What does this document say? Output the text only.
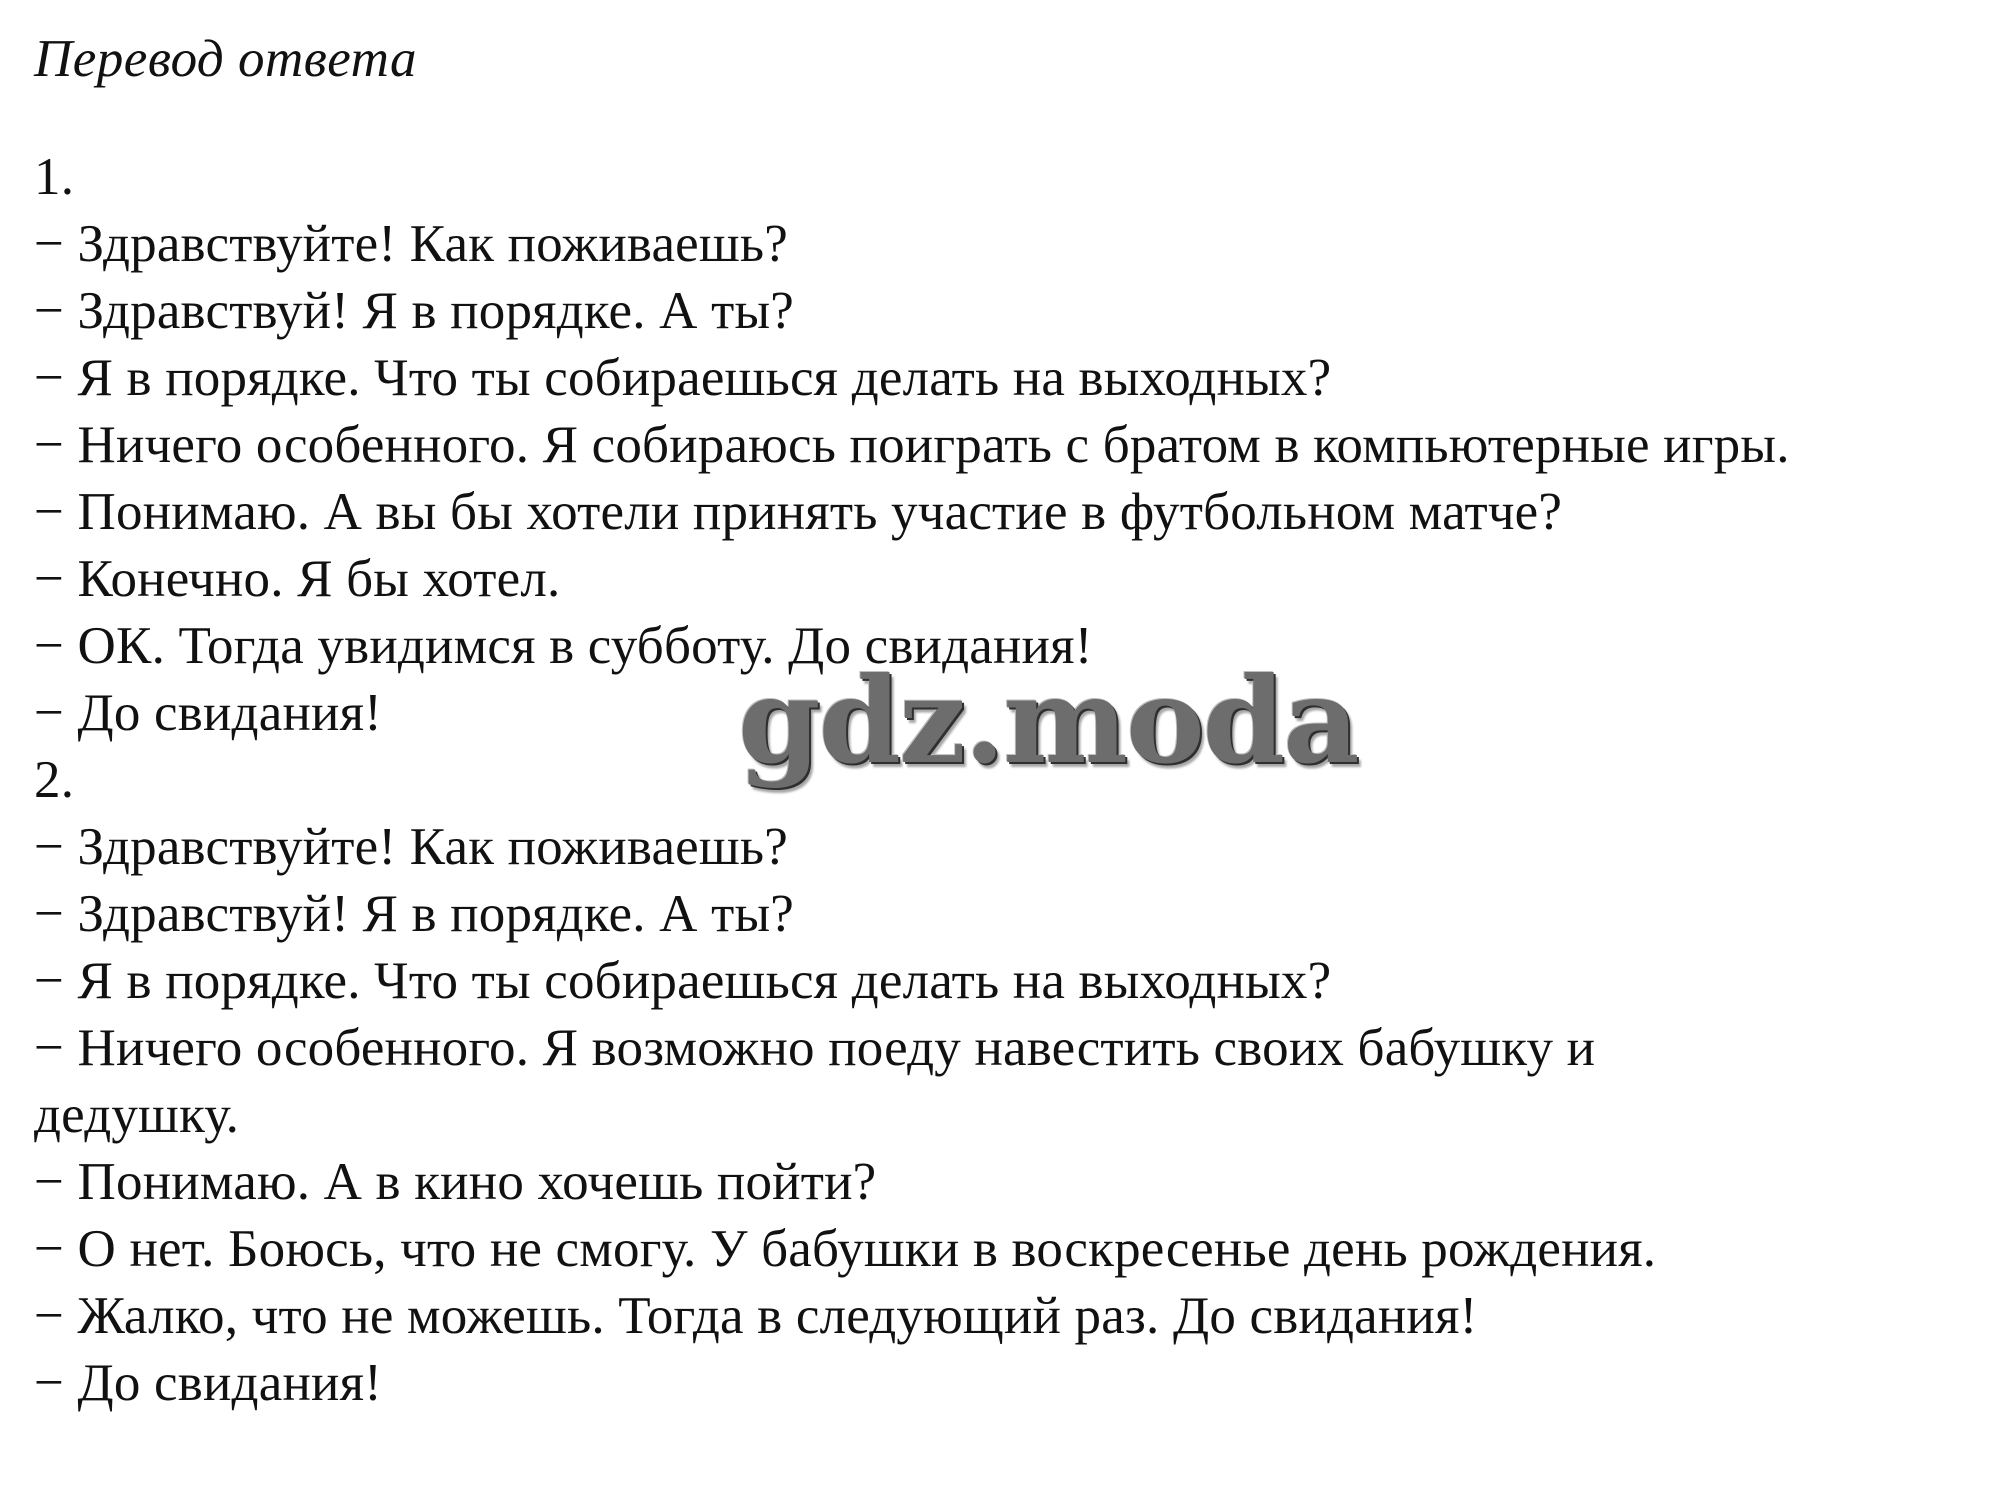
Перевод ответа
1.
− Здравствуйте! Как поживаешь?
− Здравствуй! Я в порядке. А ты?
− Я в порядке. Что ты собираешься делать на выходных?
− Ничего особенного. Я собираюсь поиграть с братом в компьютерные игры.
− Понимаю. А вы бы хотели принять участие в футбольном матче?
− Конечно. Я бы хотел.
− ОК. Тогда увидимся в субботу. До свидания!
− До свидания!
2.
− Здравствуйте! Как поживаешь?
− Здравствуй! Я в порядке. А ты?
− Я в порядке. Что ты собираешься делать на выходных?
− Ничего особенного. Я возможно поеду навестить своих бабушку и
дедушку.
− Понимаю. А в кино хочешь пойти?
− О нет. Боюсь, что не смогу. У бабушки в воскресенье день рождения.
− Жалко, что не можешь. Тогда в следующий раз. До свидания!
− До свидания!
gdz.moda
